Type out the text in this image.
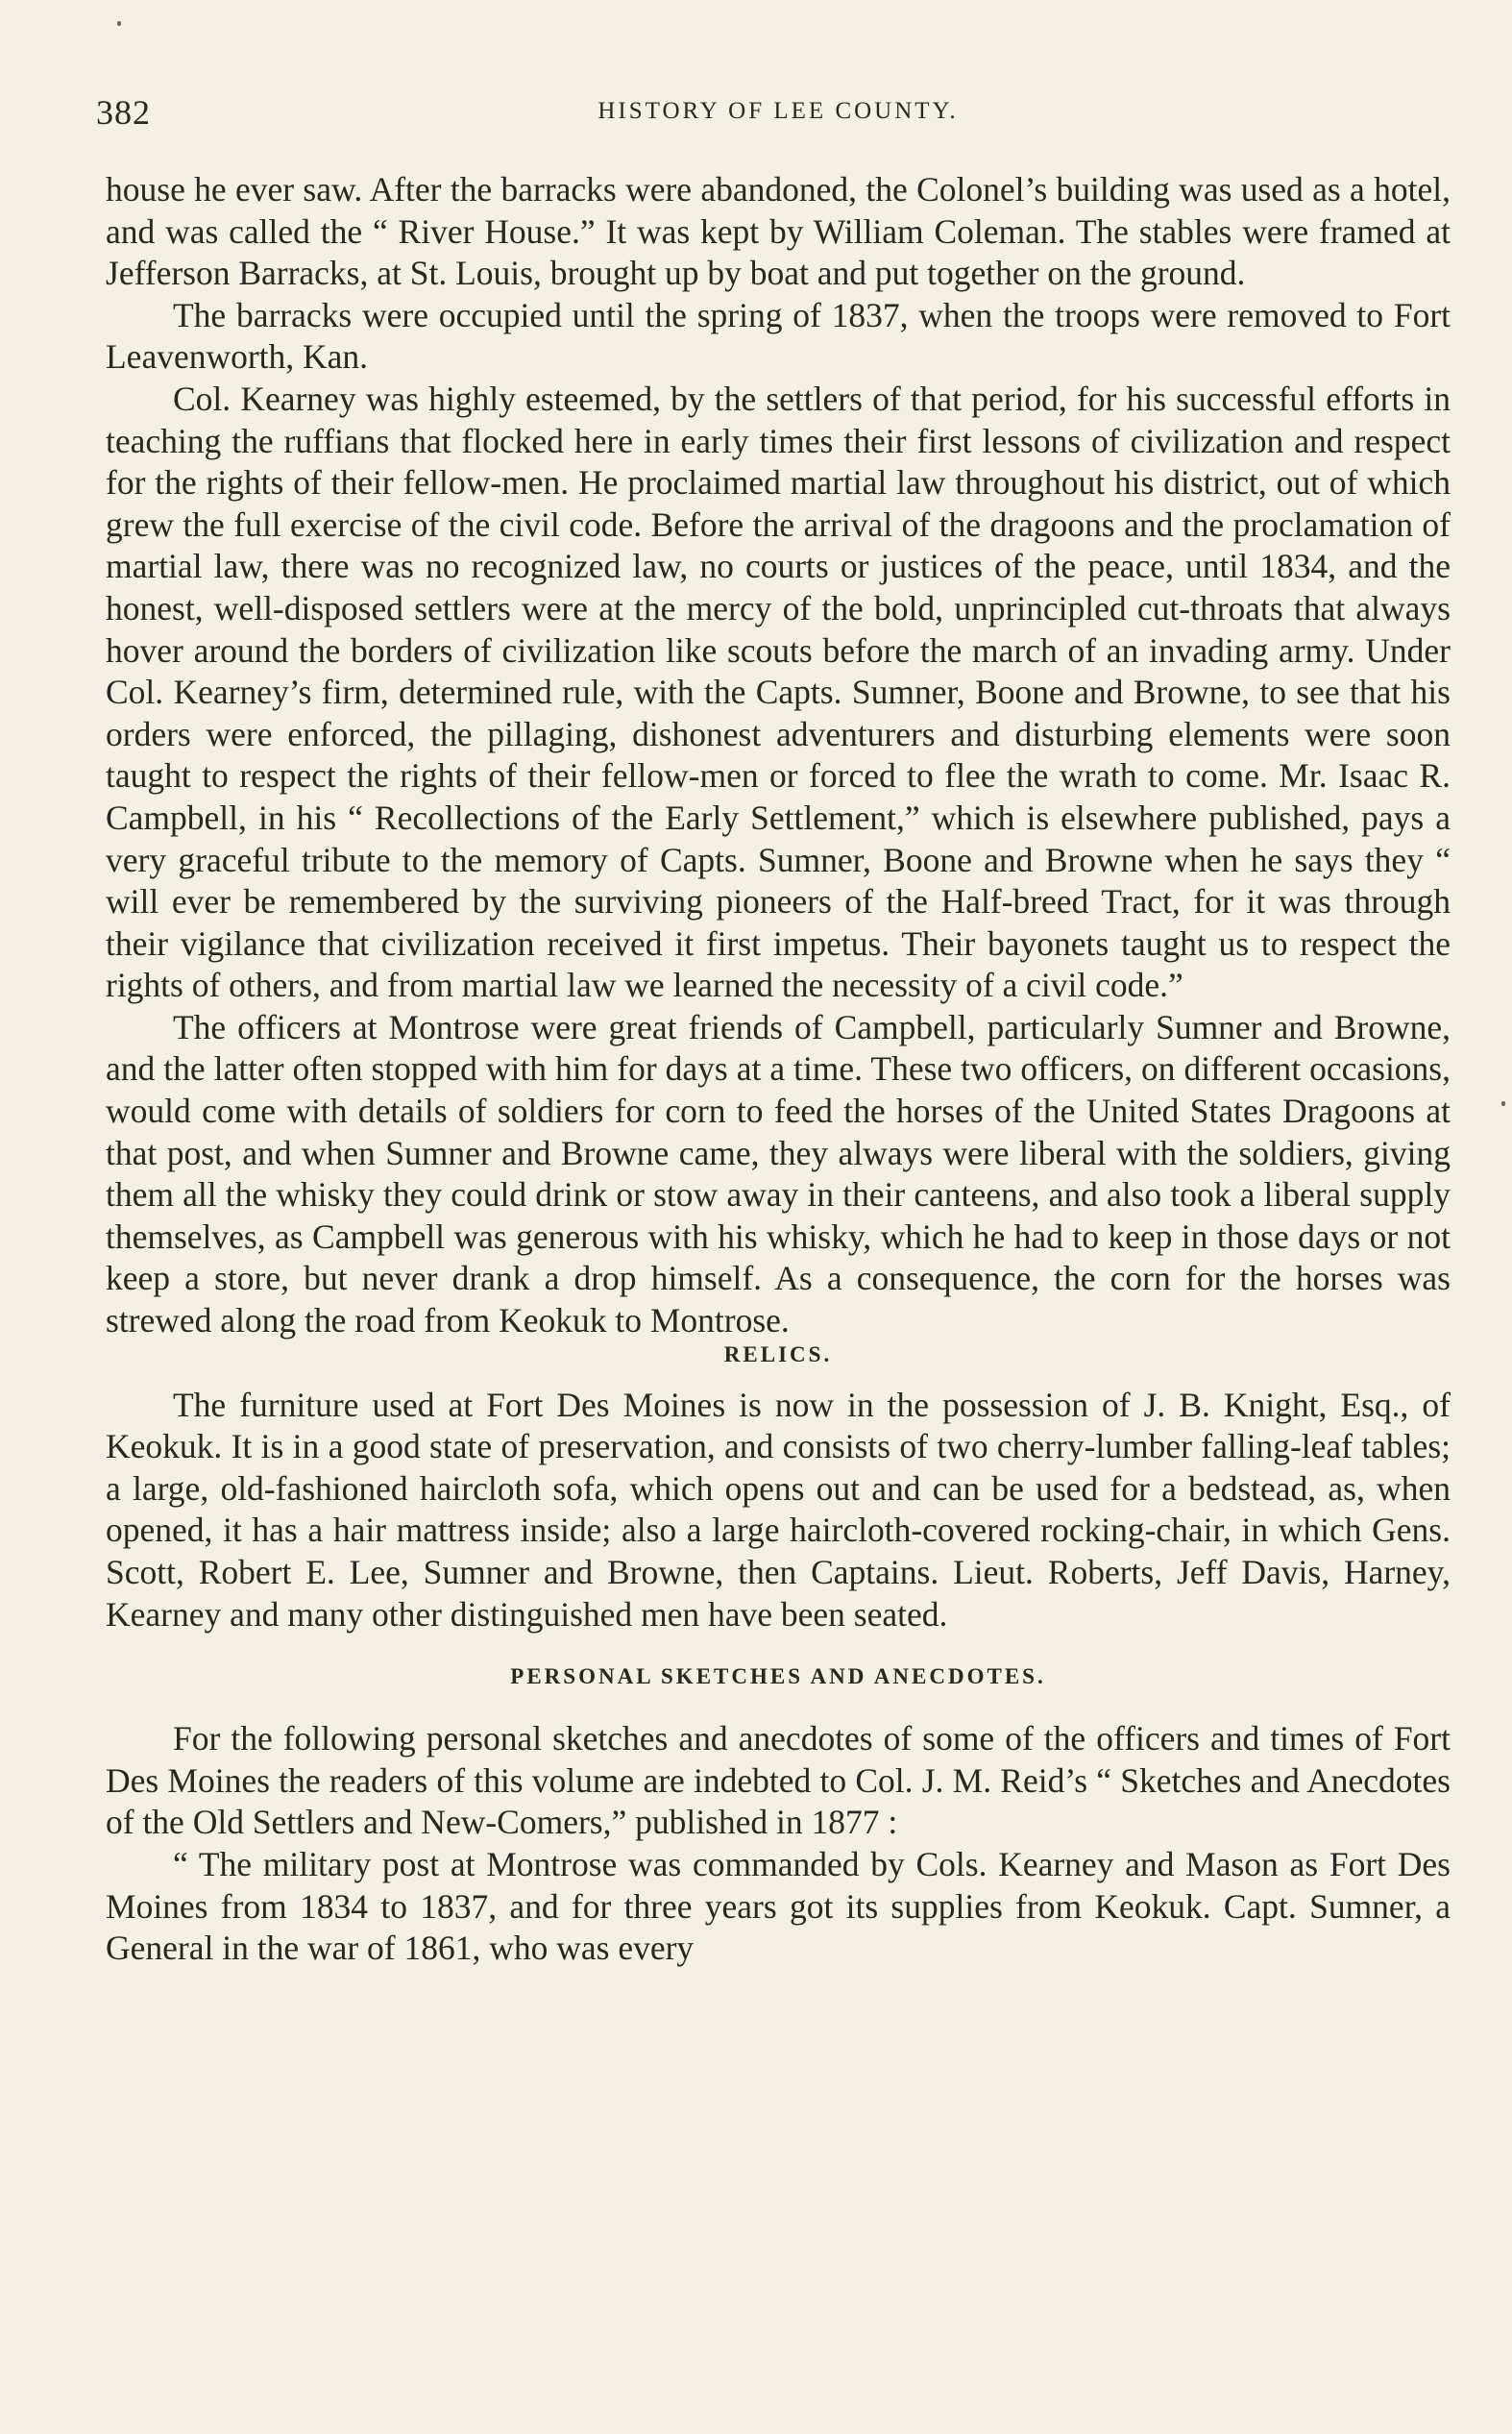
382	HISTORY OF LEE COUNTY.

house he ever saw. After the barracks were abandoned, the Colonel’s building was used as a hotel, and was called the “ River House.” It was kept by William Coleman. The stables were framed at Jefferson Barracks, at St. Louis, brought up by boat and put together on the ground.

The barracks were occupied until the spring of 1837, when the troops were removed to Fort Leavenworth, Kan.

Col. Kearney was highly esteemed, by the settlers of that period, for his successful efforts in teaching the ruffians that flocked here in early times their first lessons of civilization and respect for the rights of their fellow-men. He proclaimed martial law throughout his district, out of which grew the full exercise of the civil code. Before the arrival of the dragoons and the proclamation of martial law, there was no recognized law, no courts or justices of the peace, until 1834, and the honest, well-disposed settlers were at the mercy of the bold, unprincipled cut-throats that always hover around the borders of civilization like scouts before the march of an invading army. Under Col. Kearney’s firm, determined rule, with the Capts. Sumner, Boone and Browne, to see that his orders were enforced, the pillaging, dishonest adventurers and disturbing elements were soon taught to respect the rights of their fellow-men or forced to flee the wrath to come. Mr. Isaac R. Campbell, in his “ Recollections of the Early Settlement,” which is elsewhere published, pays a very graceful tribute to the memory of Capts. Sumner, Boone and Browne when he says they “ will ever be remembered by the surviving pioneers of the Half-breed Tract, for it was through their vigilance that civilization received it first impetus. Their bayonets taught us to respect the rights of others, and from martial law we learned the necessity of a civil code.”

The officers at Montrose were great friends of Campbell, particularly Sumner and Browne, and the latter often stopped with him for days at a time. These two officers, on different occasions, would come with details of soldiers for corn to feed the horses of the United States Dragoons at that post, and when Sumner and Browne came, they always were liberal with the soldiers, giving them all the whisky they could drink or stow away in their canteens, and also took a liberal supply themselves, as Campbell was generous with his whisky, which he had to keep in those days or not keep a store, but never drank a drop himself. As a consequence, the corn for the horses was strewed along the road from Keokuk to Montrose.

RELICS.

The furniture used at Fort Des Moines is now in the possession of J. B. Knight, Esq., of Keokuk. It is in a good state of preservation, and consists of two cherry-lumber falling-leaf tables; a large, old-fashioned haircloth sofa, which opens out and can be used for a bedstead, as, when opened, it has a hair mattress inside; also a large haircloth-covered rocking-chair, in which Gens. Scott, Robert E. Lee, Sumner and Browne, then Captains. Lieut. Roberts, Jeff Davis, Harney, Kearney and many other distinguished men have been seated.

PERSONAL SKETCHES AND ANECDOTES.

For the following personal sketches and anecdotes of some of the officers and times of Fort Des Moines the readers of this volume are indebted to Col. J. M. Reid’s “ Sketches and Anecdotes of the Old Settlers and New-Comers,” published in 1877 :

“ The military post at Montrose was commanded by Cols. Kearney and Mason as Fort Des Moines from 1834 to 1837, and for three years got its supplies from Keokuk. Capt. Sumner, a General in the war of 1861, who was every
